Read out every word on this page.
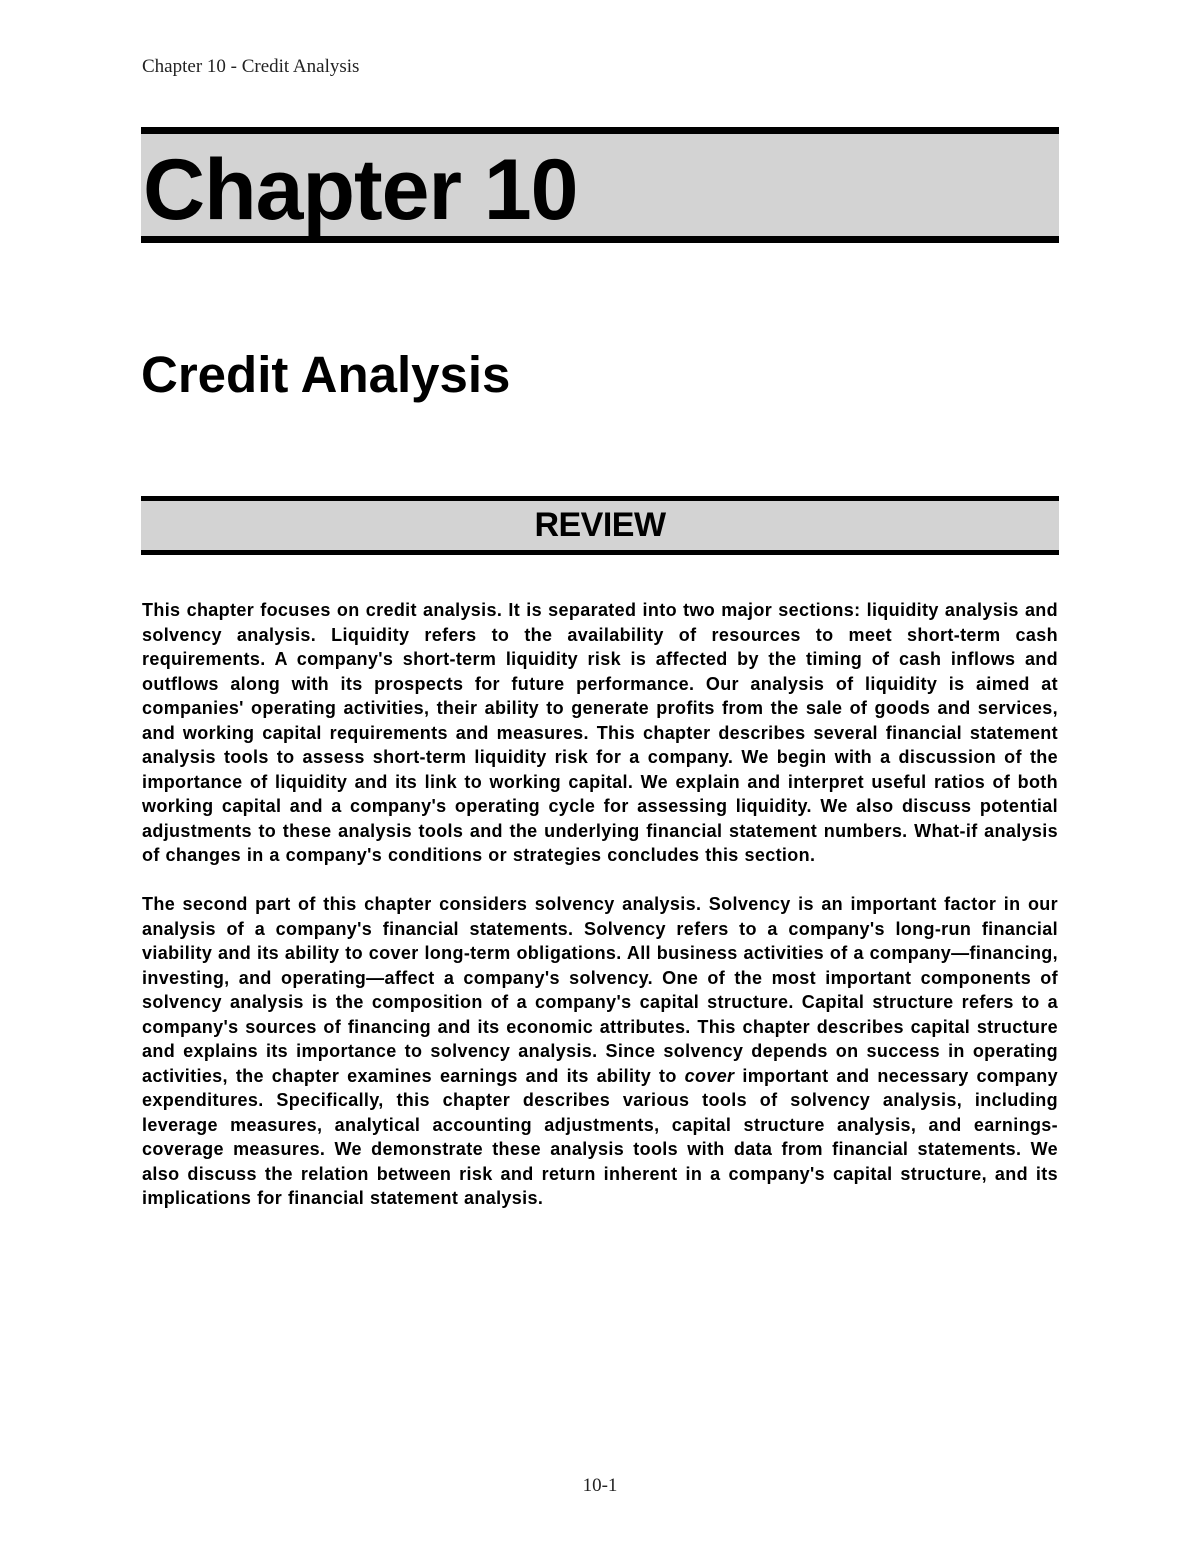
Chapter 10 - Credit Analysis
Chapter 10
Credit Analysis
REVIEW

This chapter focuses on credit analysis. It is separated into two major sections: liquidity analysis and solvency analysis. Liquidity refers to the availability of resources to meet short-term cash requirements. A company's short-term liquidity risk is affected by the timing of cash inflows and outflows along with its prospects for future performance. Our analysis of liquidity is aimed at companies' operating activities, their ability to generate profits from the sale of goods and services, and working capital requirements and measures. This chapter describes several financial statement analysis tools to assess short-term liquidity risk for a company. We begin with a discussion of the importance of liquidity and its link to working capital. We explain and interpret useful ratios of both working capital and a company's operating cycle for assessing liquidity. We also discuss potential adjustments to these analysis tools and the underlying financial statement numbers. What-if analysis of changes in a company's conditions or strategies concludes this section.

The second part of this chapter considers solvency analysis. Solvency is an important factor in our analysis of a company's financial statements. Solvency refers to a company's long-run financial viability and its ability to cover long-term obligations. All business activities of a company—financing, investing, and operating—affect a company's solvency. One of the most important components of solvency analysis is the composition of a company's capital structure. Capital structure refers to a company's sources of financing and its economic attributes. This chapter describes capital structure and explains its importance to solvency analysis. Since solvency depends on success in operating activities, the chapter examines earnings and its ability to cover important and necessary company expenditures. Specifically, this chapter describes various tools of solvency analysis, including leverage measures, analytical accounting adjustments, capital structure analysis, and earnings-coverage measures. We demonstrate these analysis tools with data from financial statements. We also discuss the relation between risk and return inherent in a company's capital structure, and its implications for financial statement analysis.

10-1
